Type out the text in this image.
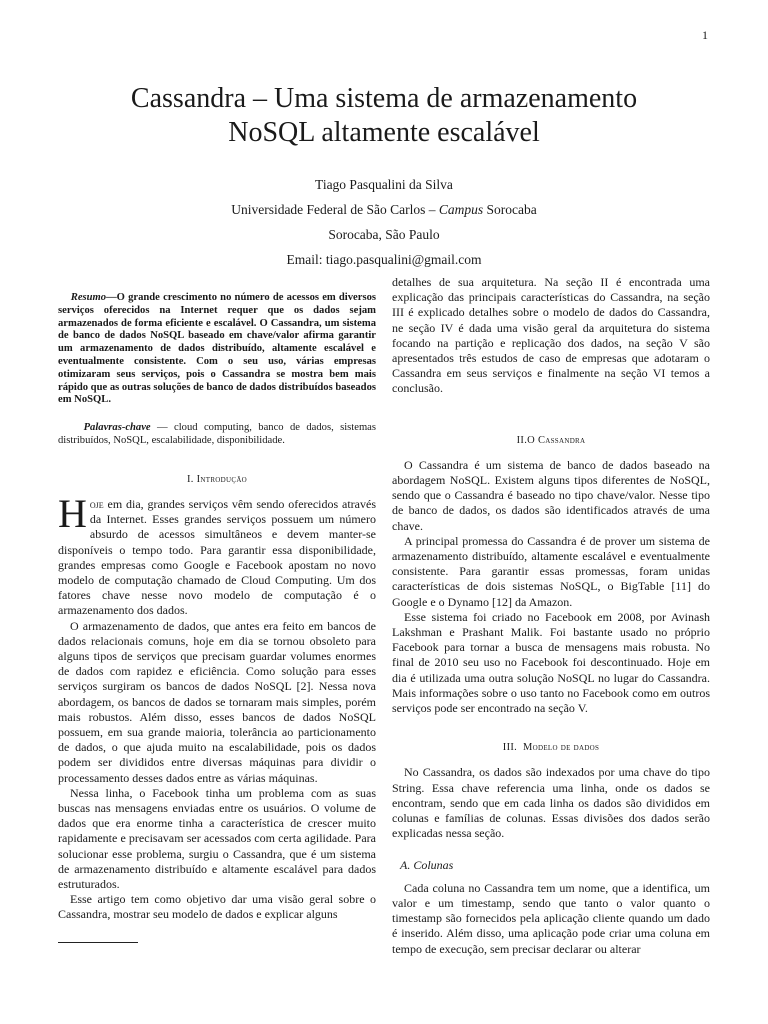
1
Cassandra – Uma sistema de armazenamento
NoSQL altamente escalável
Tiago Pasqualini da Silva
Universidade Federal de São Carlos – Campus Sorocaba
Sorocaba, São Paulo
Email: tiago.pasqualini@gmail.com
Resumo—O grande crescimento no número de acessos em diversos serviços oferecidos na Internet requer que os dados sejam armazenados de forma eficiente e escalável. O Cassandra, um sistema de banco de dados NoSQL baseado em chave/valor afirma garantir um armazenamento de dados distribuído, altamente escalável e eventualmente consistente. Com o seu uso, várias empresas otimizaram seus serviços, pois o Cassandra se mostra bem mais rápido que as outras soluções de banco de dados distribuídos baseados em NoSQL.
Palavras-chave — cloud computing, banco de dados, sistemas distribuídos, NoSQL, escalabilidade, disponibilidade.
I. Introdução

Hoje em dia, grandes serviços vêm sendo oferecidos através da Internet. Esses grandes serviços possuem um número absurdo de acessos simultâneos e devem manter-se disponíveis o tempo todo. Para garantir essa disponibilidade, grandes empresas como Google e Facebook apostam no novo modelo de computação chamado de Cloud Computing. Um dos fatores chave nesse novo modelo de computação é o armazenamento dos dados.

O armazenamento de dados, que antes era feito em bancos de dados relacionais comuns, hoje em dia se tornou obsoleto para alguns tipos de serviços que precisam guardar volumes enormes de dados com rapidez e eficiência. Como solução para esses serviços surgiram os bancos de dados NoSQL [2]. Nessa nova abordagem, os bancos de dados se tornaram mais simples, porém mais robustos. Além disso, esses bancos de dados NoSQL possuem, em sua grande maioria, tolerância ao particionamento de dados, o que ajuda muito na escalabilidade, pois os dados podem ser divididos entre diversas máquinas para dividir o processamento desses dados entre as várias máquinas.

Nessa linha, o Facebook tinha um problema com as suas buscas nas mensagens enviadas entre os usuários. O volume de dados que era enorme tinha a característica de crescer muito rapidamente e precisavam ser acessados com certa agilidade. Para solucionar esse problema, surgiu o Cassandra, que é um sistema de armazenamento distribuído e altamente escalável para dados estruturados.

Esse artigo tem como objetivo dar uma visão geral sobre o Cassandra, mostrar seu modelo de dados e explicar alguns

detalhes de sua arquitetura. Na seção II é encontrada uma explicação das principais características do Cassandra, na seção III é explicado detalhes sobre o modelo de dados do Cassandra, ne seção IV é dada uma visão geral da arquitetura do sistema focando na partição e replicação dos dados, na seção V são apresentados três estudos de caso de empresas que adotaram o Cassandra em seus serviços e finalmente na seção VI temos a conclusão.

II.O Cassandra

O Cassandra é um sistema de banco de dados baseado na abordagem NoSQL. Existem alguns tipos diferentes de NoSQL, sendo que o Cassandra é baseado no tipo chave/valor. Nesse tipo de banco de dados, os dados são identificados através de uma chave.

A principal promessa do Cassandra é de prover um sistema de armazenamento distribuído, altamente escalável e eventualmente consistente. Para garantir essas promessas, foram unidas características de dois sistemas NoSQL, o BigTable [11] do Google e o Dynamo [12] da Amazon.

Esse sistema foi criado no Facebook em 2008, por Avinash Lakshman e Prashant Malik. Foi bastante usado no próprio Facebook para tornar a busca de mensagens mais robusta. No final de 2010 seu uso no Facebook foi descontinuado. Hoje em dia é utilizada uma outra solução NoSQL no lugar do Cassandra. Mais informações sobre o uso tanto no Facebook como em outros serviços pode ser encontrado na seção V.

III. Modelo de dados

No Cassandra, os dados são indexados por uma chave do tipo String. Essa chave referencia uma linha, onde os dados se encontram, sendo que em cada linha os dados são divididos em colunas e famílias de colunas. Essas divisões dos dados serão explicadas nessa seção.

A. Colunas

Cada coluna no Cassandra tem um nome, que a identifica, um valor e um timestamp, sendo que tanto o valor quanto o timestamp são fornecidos pela aplicação cliente quando um dado é inserido. Além disso, uma aplicação pode criar uma coluna em tempo de execução, sem precisar declarar ou alterar
